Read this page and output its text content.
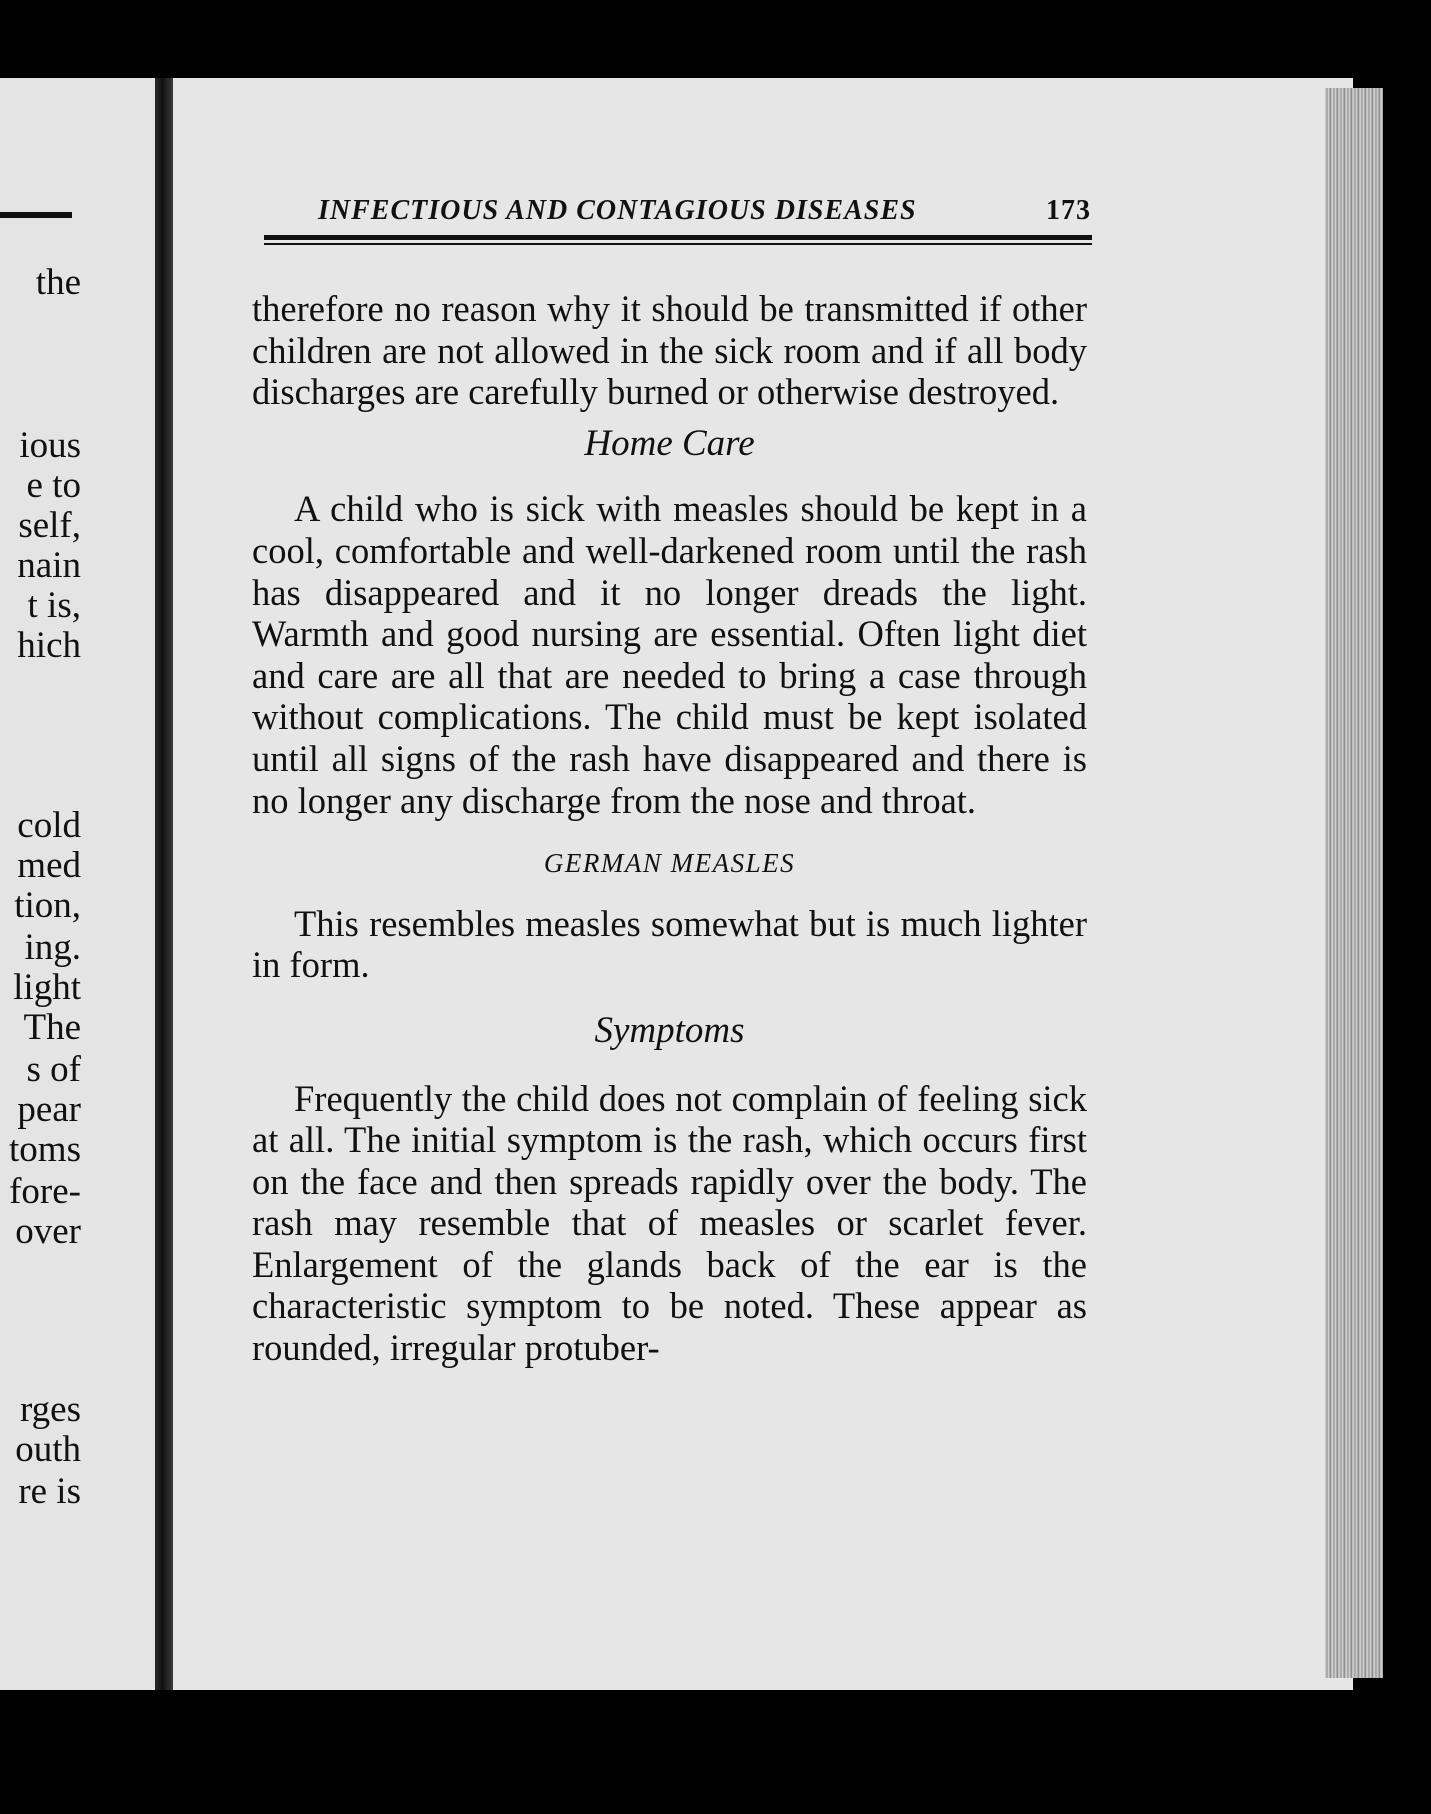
the
ious
e to
self,
nain
t is,
hich
cold
med
tion,
ing.
light
The
s of
pear
toms
fore-
over
rges
outh
re is
INFECTIOUS AND CONTAGIOUS DISEASES	173

therefore no reason why it should be transmitted if other children are not allowed in the sick room and if all body discharges are carefully burned or otherwise destroyed.

Home Care

A child who is sick with measles should be kept in a cool, comfortable and well-darkened room until the rash has disappeared and it no longer dreads the light. Warmth and good nursing are essential. Often light diet and care are all that are needed to bring a case through without complications. The child must be kept isolated until all signs of the rash have disappeared and there is no longer any discharge from the nose and throat.

GERMAN MEASLES

This resembles measles somewhat but is much lighter in form.

Symptoms

Frequently the child does not complain of feeling sick at all. The initial symptom is the rash, which occurs first on the face and then spreads rapidly over the body. The rash may resemble that of measles or scarlet fever. Enlargement of the glands back of the ear is the characteristic symptom to be noted. These appear as rounded, irregular protuber-
